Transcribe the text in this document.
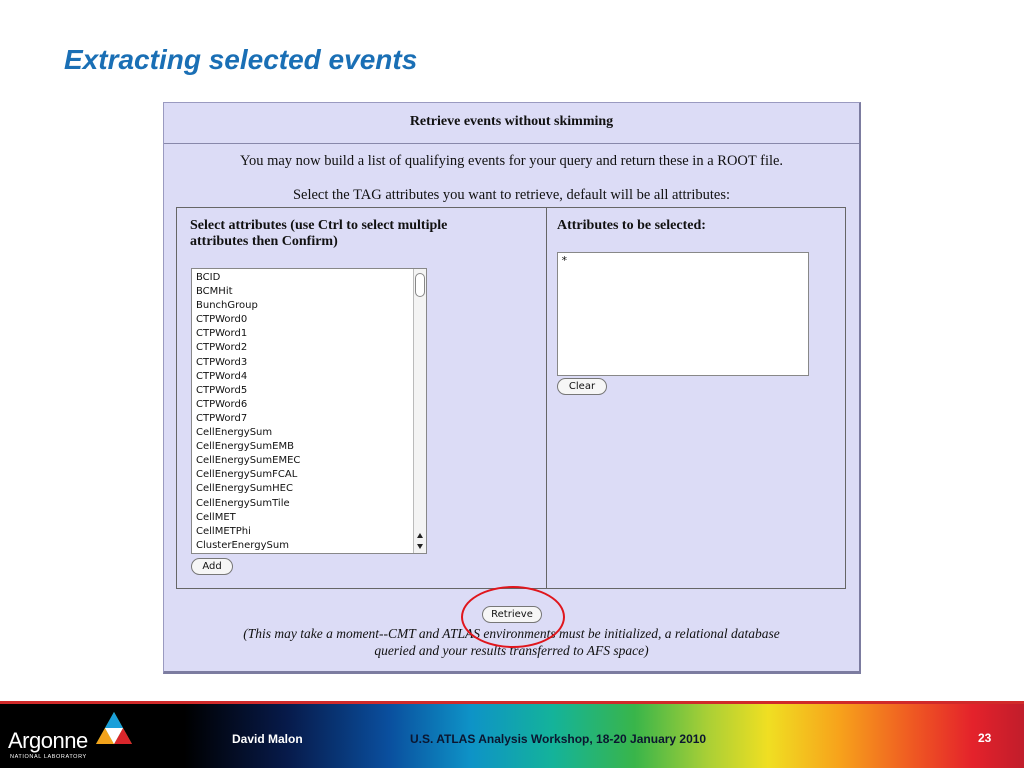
Extracting selected events
Retrieve events without skimming
You may now build a list of qualifying events for your query and return these in a ROOT file.
Select the TAG attributes you want to retrieve, default will be all attributes:
Select attributes (use Ctrl to select multiple
attributes then Confirm)
BCID
BCMHit
BunchGroup
CTPWord0
CTPWord1
CTPWord2
CTPWord3
CTPWord4
CTPWord5
CTPWord6
CTPWord7
CellEnergySum
CellEnergySumEMB
CellEnergySumEMEC
CellEnergySumFCAL
CellEnergySumHEC
CellEnergySumTile
CellMET
CellMETPhi
ClusterEnergySum
Add
Attributes to be selected:
*
Clear
Retrieve
(This may take a moment--CMT and ATLAS environments must be initialized, a relational database
queried and your results transferred to AFS space)
Argonne
NATIONAL LABORATORY
David Malon	U.S. ATLAS Analysis Workshop, 18-20 January 2010	23
